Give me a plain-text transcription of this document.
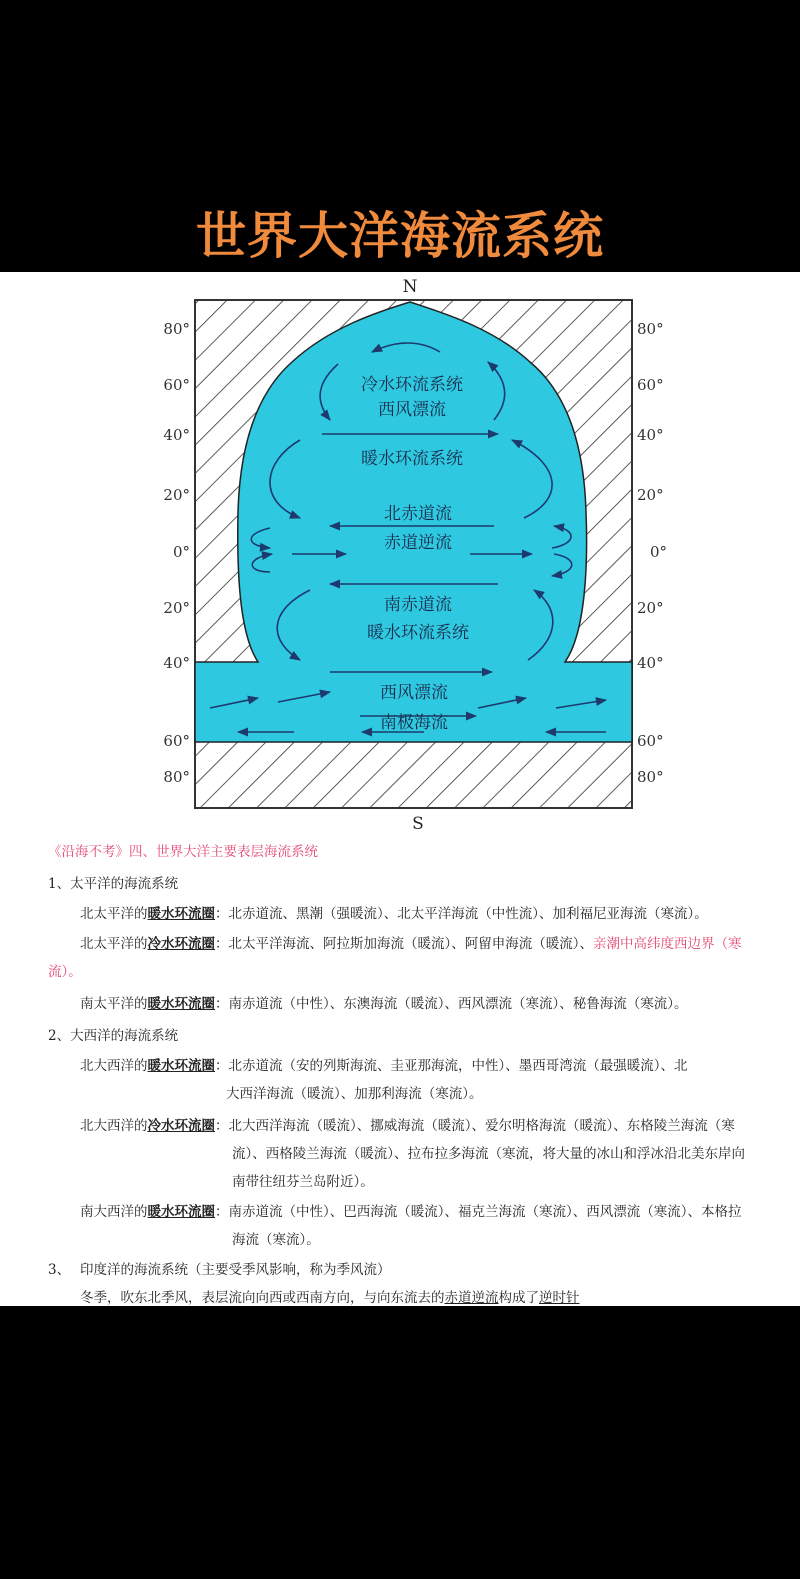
世界大洋海流系统
N
S
80°
60°
40°
20°
0°
20°
40°
60°
80°
80°
60°
40°
20°
0°
20°
40°
60°
80°
冷水环流系统
西风漂流
暖水环流系统
北赤道流
赤道逆流
南赤道流
暖水环流系统
西风漂流
南极海流
《沿海不考》四、世界大洋主要表层海流系统
1、太平洋的海流系统
北太平洋的暖水环流圈：北赤道流、黑潮（强暖流）、北太平洋海流（中性流）、加利福尼亚海流（寒流）。
北太平洋的冷水环流圈：北太平洋海流、阿拉斯加海流（暖流）、阿留申海流（暖流）、亲潮中高纬度西边界（寒
流）。
南太平洋的暖水环流圈：南赤道流（中性）、东澳海流（暖流）、西风漂流（寒流）、秘鲁海流（寒流）。
2、大西洋的海流系统
北大西洋的暖水环流圈：北赤道流（安的列斯海流、圭亚那海流，中性）、墨西哥湾流（最强暖流）、北
大西洋海流（暖流）、加那利海流（寒流）。
北大西洋的冷水环流圈：北大西洋海流（暖流）、挪威海流（暖流）、爱尔明格海流（暖流）、东格陵兰海流（寒
流）、西格陵兰海流（暖流）、拉布拉多海流（寒流，将大量的冰山和浮冰沿北美东岸向
南带往纽芬兰岛附近）。
南大西洋的暖水环流圈：南赤道流（中性）、巴西海流（暖流）、福克兰海流（寒流）、西风漂流（寒流）、本格拉
海流（寒流）。
3、 印度洋的海流系统（主要受季风影响，称为季风流）
冬季，吹东北季风，表层流向向西或西南方向，与向东流去的赤道逆流构成了逆时针
